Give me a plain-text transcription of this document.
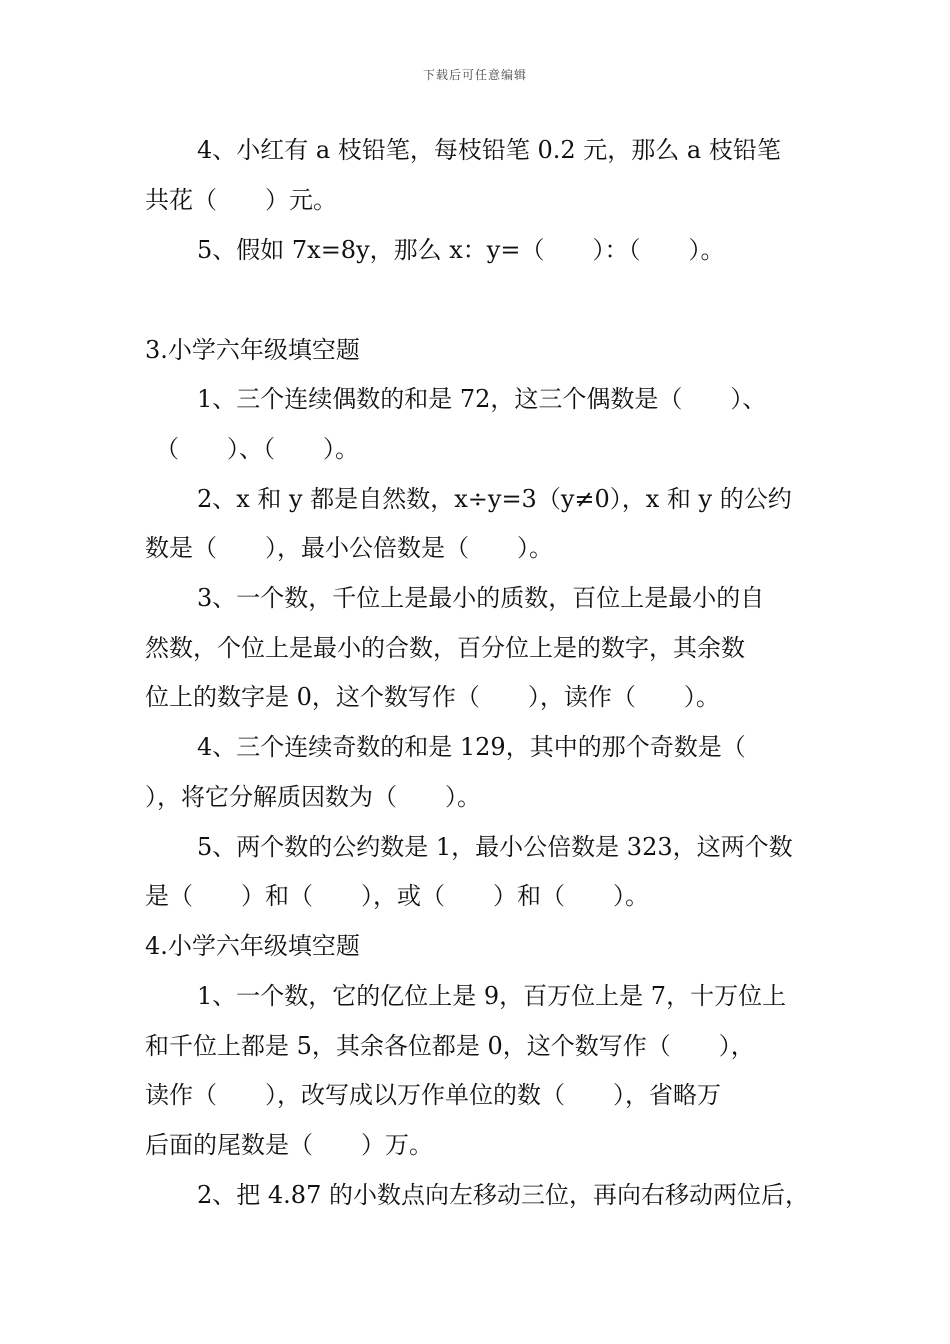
下载后可任意编辑
4、小红有 a 枝铅笔，每枝铅笔 0.2 元，那么 a 枝铅笔
共花（　　）元。
5、假如 7x=8y，那么 x：y=（　　）：（　　）。
3.小学六年级填空题
1、三个连续偶数的和是 72，这三个偶数是（　　）、
（　　）、（　　）。
2、x 和 y 都是自然数，x÷y=3（y≠0），x 和 y 的公约
数是（　　），最小公倍数是（　　）。
3、一个数，千位上是最小的质数，百位上是最小的自
然数，个位上是最小的合数，百分位上是的数字，其余数
位上的数字是 0，这个数写作（　　），读作（　　）。
4、三个连续奇数的和是 129，其中的那个奇数是（
），将它分解质因数为（　　）。
5、两个数的公约数是 1，最小公倍数是 323，这两个数
是（　　）和（　　），或（　　）和（　　）。
4.小学六年级填空题
1、一个数，它的亿位上是 9，百万位上是 7，十万位上
和千位上都是 5，其余各位都是 0，这个数写作（　　），
读作（　　），改写成以万作单位的数（　　），省略万
后面的尾数是（　　）万。
2、把 4.87 的小数点向左移动三位，再向右移动两位后，
